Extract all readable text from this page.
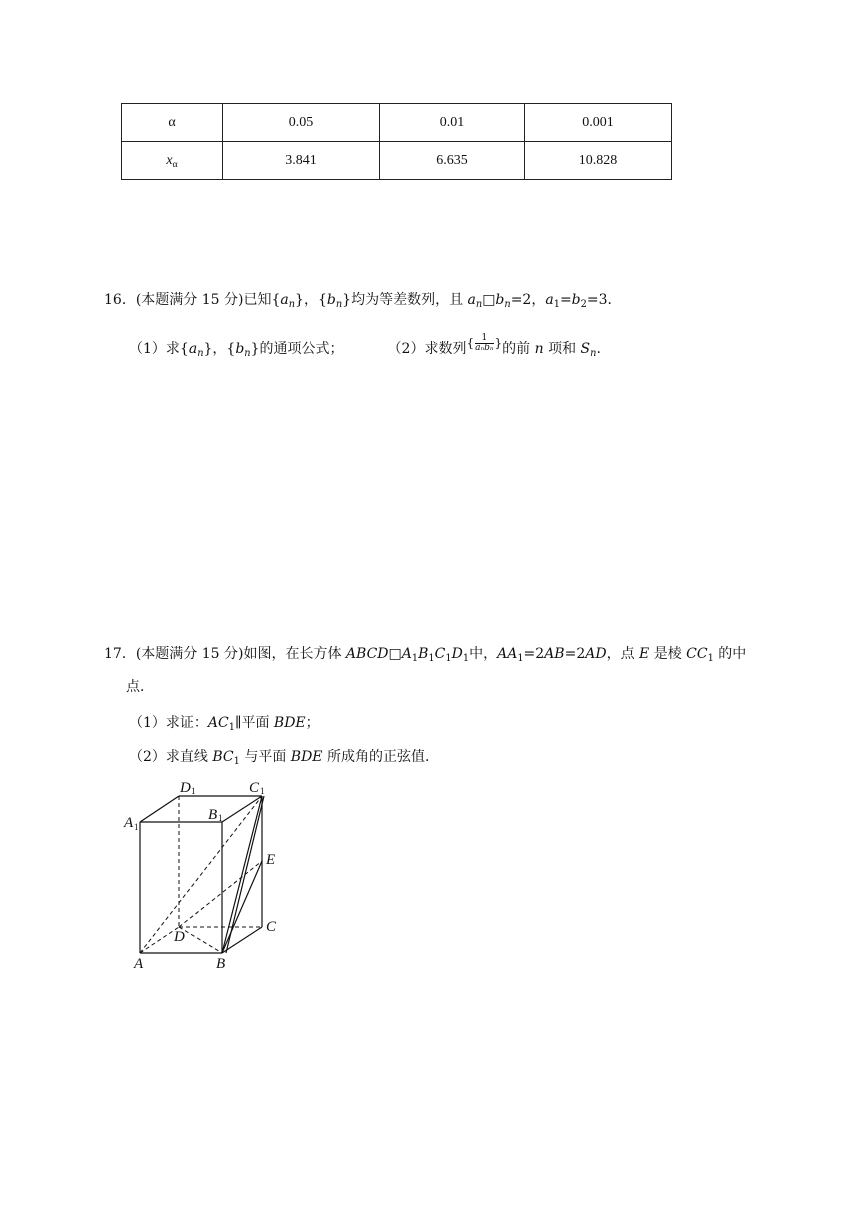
α	0.05	0.01	0.001
$x_\alpha$	3.841	6.635	10.828
16．(本题满分 15 分)已知$\{a_n\}$，$\{b_n\}$均为等差数列，且 $a_n□b_n=2$，$a_1=b_2=3$．
（1）求$\{a_n\}$，$\{b_n\}$的通项公式；	（2）求数列{ $\frac{1}{\text{aₙbₙ}}$ }的前 n 项和 $S_n$.
17．(本题满分 15 分)如图，在长方体 $ABCD□A_1B_1C_1D_1$中，$AA_1=2AB=2AD$，点 E 是棱 $CC_1$ 的中
点．
（1）求证：$AC_1\parallel$平面 BDE；
（2）求直线 $BC_1$ 与平面 BDE 所成角的正弦值．
D 1	C 1
A 1
B 1
E
C
D
A	B
